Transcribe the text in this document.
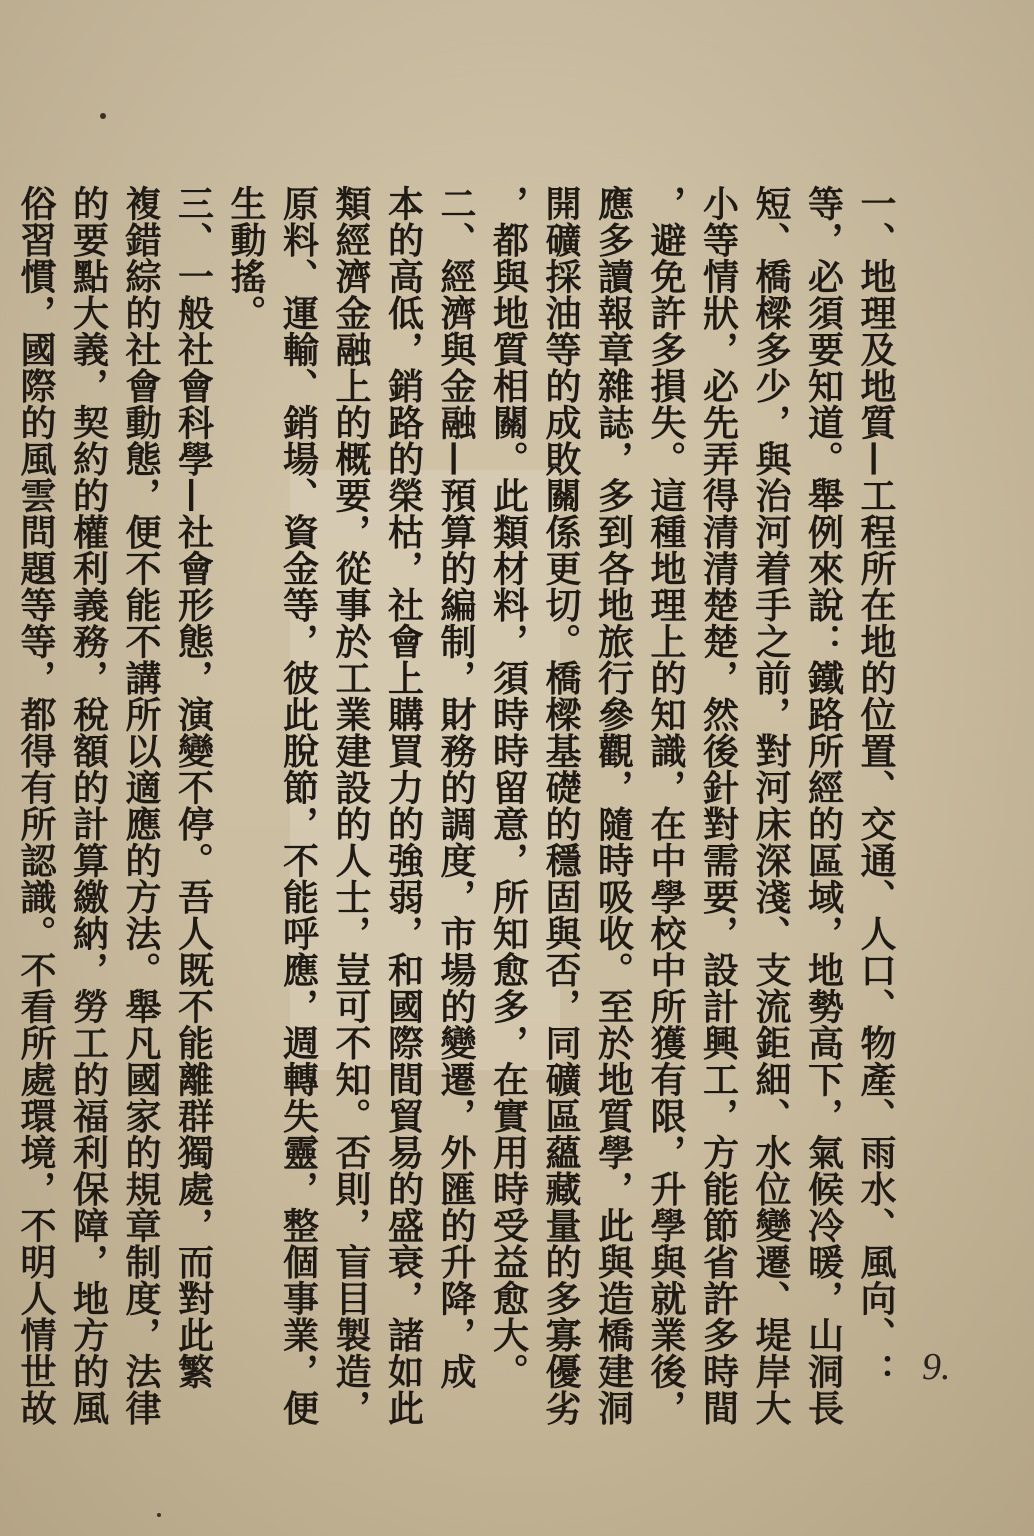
一、地理及地質—工程所在地的位置、交通、人口、物產、雨水、風向、：

等，必須要知道。舉例來說：鐵路所經的區域，地勢高下，氣候冷暖，山洞長

短、橋樑多少，與治河着手之前，對河床深淺、支流鉅細、水位變遷、堤岸大

小等情狀，必先弄得清清楚楚，然後針對需要，設計興工，方能節省許多時間

，避免許多損失。這種地理上的知識，在中學校中所獲有限，升學與就業後，

應多讀報章雜誌，多到各地旅行參觀，隨時吸收。至於地質學，此與造橋建洞

開礦採油等的成敗關係更切。橋樑基礎的穩固與否，同礦區蘊藏量的多寡優劣

，都與地質相關。此類材料，須時時留意，所知愈多，在實用時受益愈大。

二、經濟與金融—預算的編制，財務的調度，市場的變遷，外匯的升降，成

本的高低，銷路的榮枯，社會上購買力的強弱，和國際間貿易的盛衰，諸如此

類經濟金融上的概要，從事於工業建設的人士，豈可不知。否則，盲目製造，

原料、運輸、銷場、資金等，彼此脫節，不能呼應，週轉失靈，整個事業，便

生動搖。

三、一般社會科學—社會形態，演變不停。吾人既不能離群獨處，而對此繁

複錯綜的社會動態，便不能不講所以適應的方法。舉凡國家的規章制度，法律

的要點大義，契約的權利義務，稅額的計算繳納，勞工的福利保障，地方的風

俗習慣，國際的風雲問題等等，都得有所認識。不看所處環境，不明人情世故	9.
